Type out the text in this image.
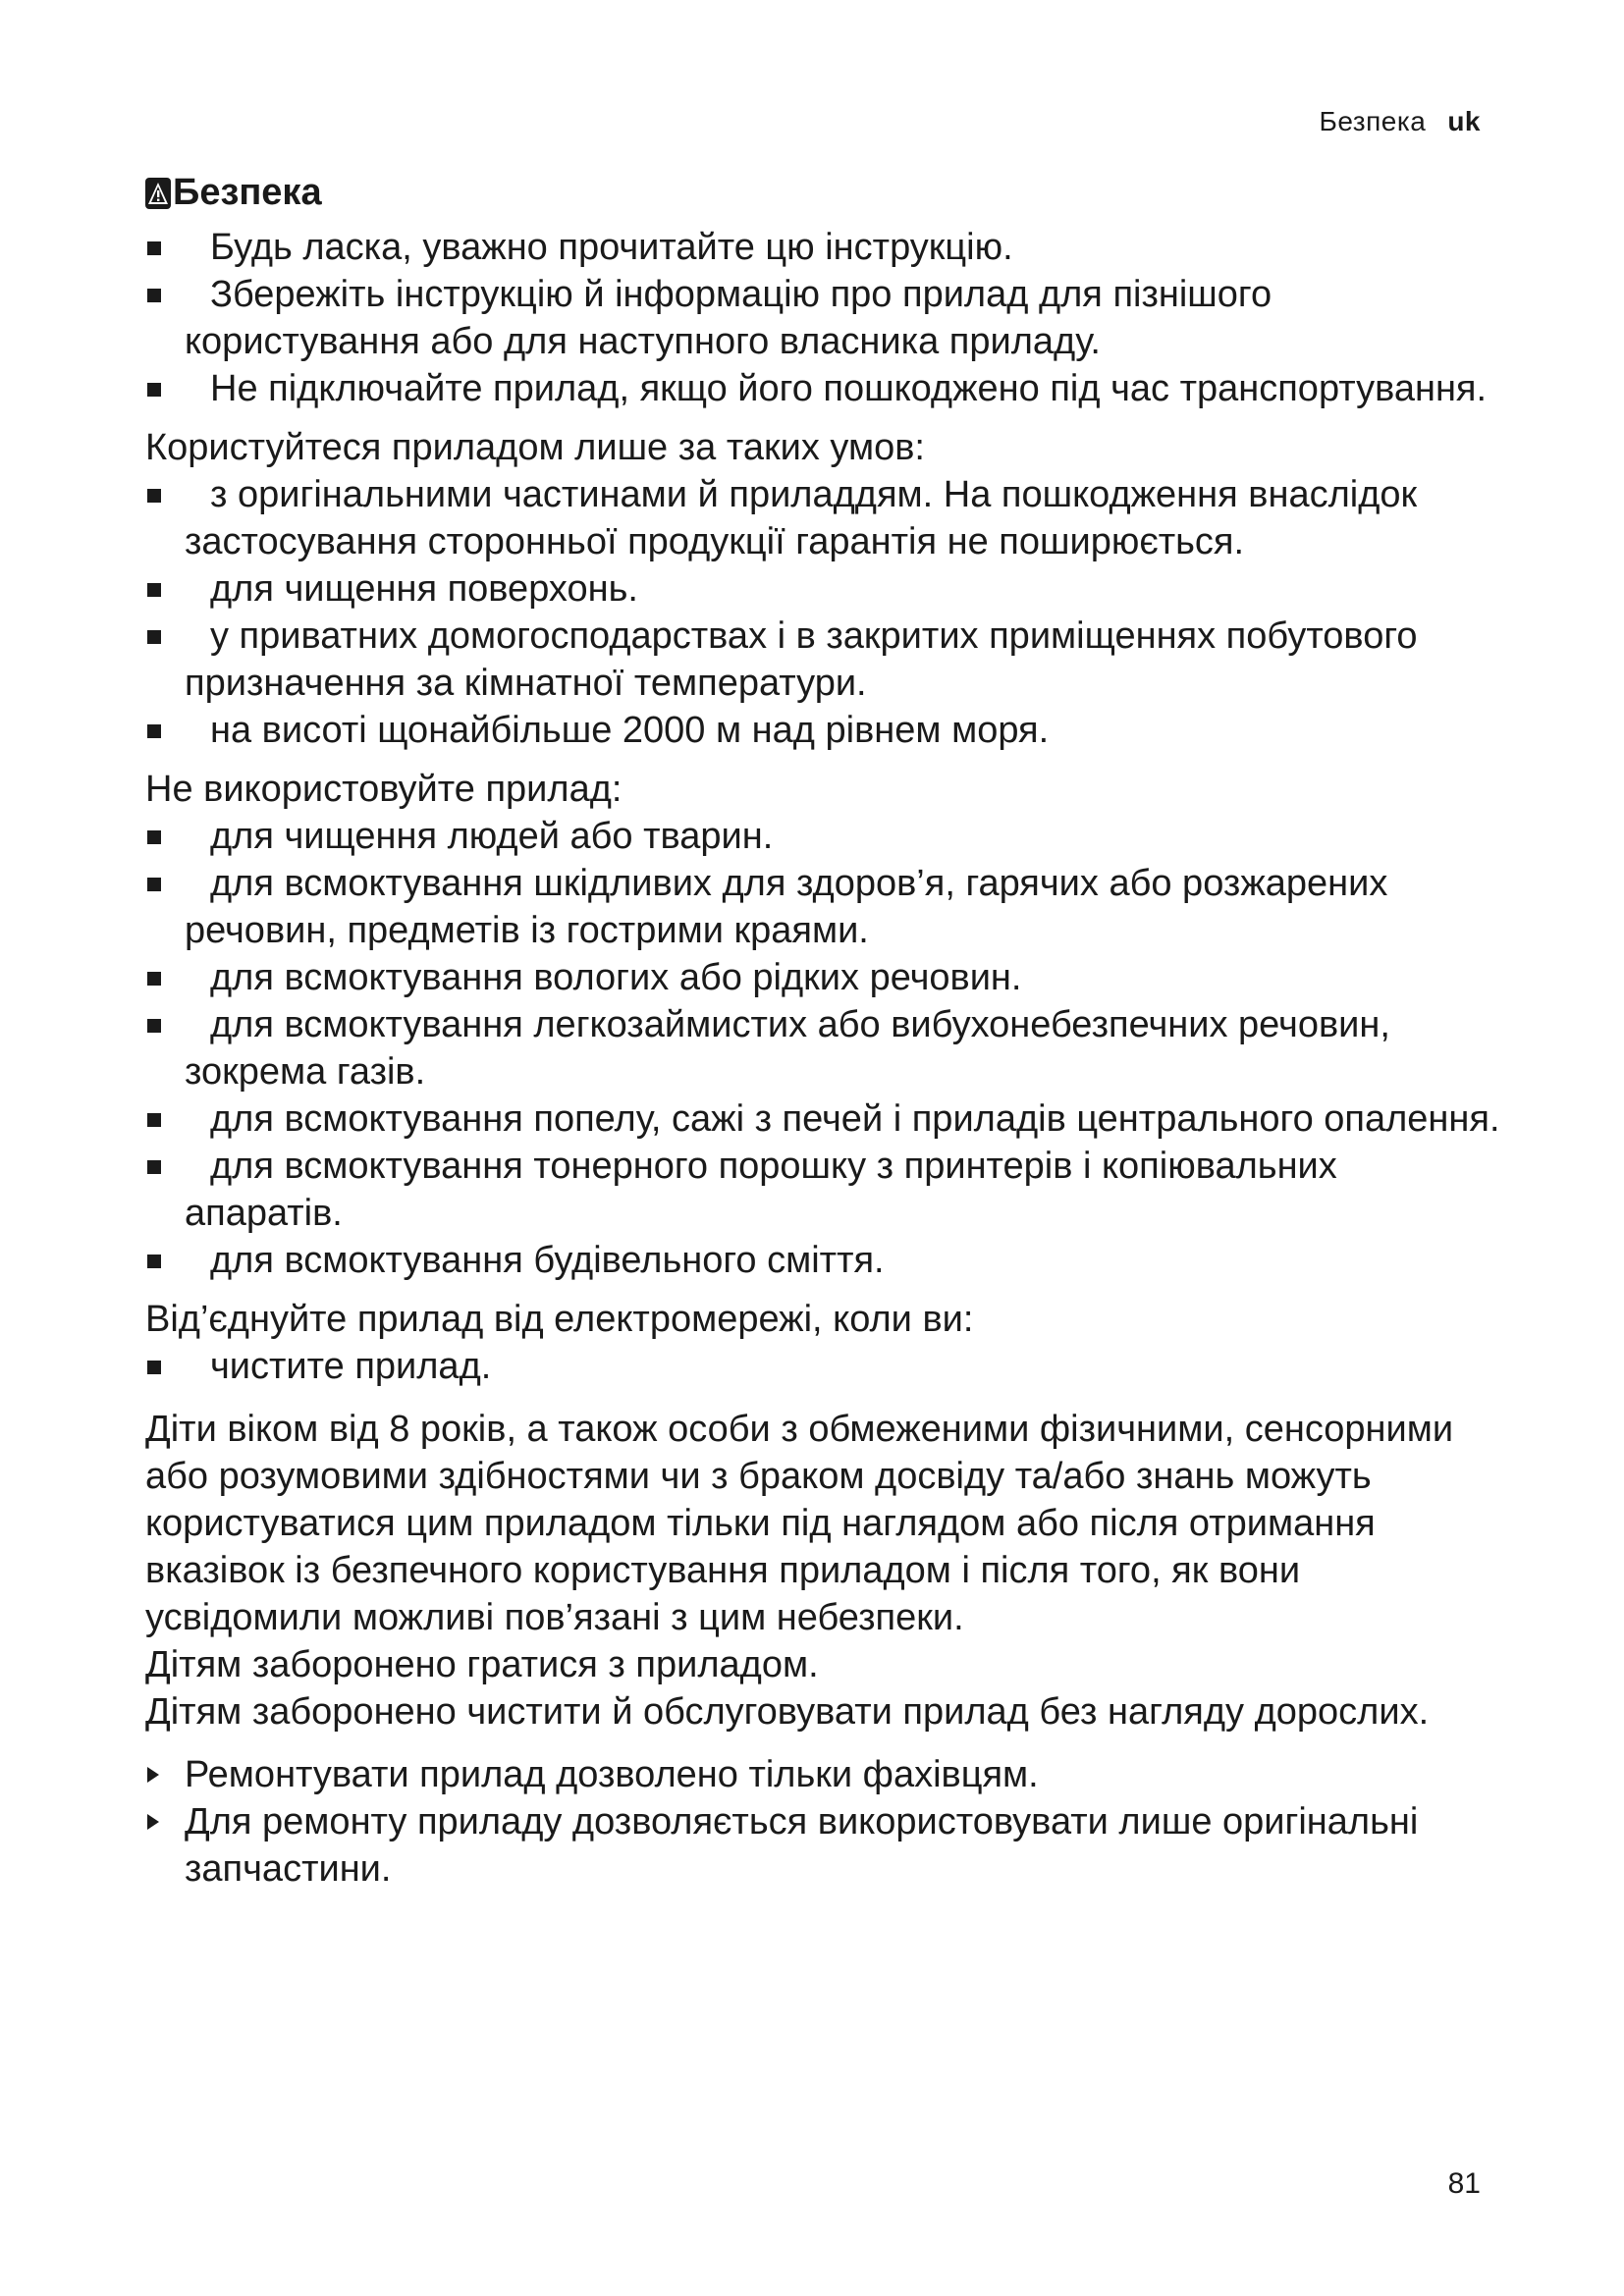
Безпека uk
Безпека
Будь ласка, уважно прочитайте цю інструкцію.
Збережіть інструкцію й інформацію про прилад для пізнішого користування або для наступного власника приладу.
Не підключайте прилад, якщо його пошкоджено під час транспортування.

Користуйтеся приладом лише за таких умов:

з оригінальними частинами й приладдям. На пошкодження внаслідок застосування сторонньої продукції гарантія не поширюється.
для чищення поверхонь.
у приватних домогосподарствах і в закритих приміщеннях побутового призначення за кімнатної температури.
на висоті щонайбільше 2000 м над рівнем моря.

Не використовуйте прилад:

для чищення людей або тварин.
для всмоктування шкідливих для здоров’я, гарячих або розжарених речовин, предметів із гострими краями.
для всмоктування вологих або рідких речовин.
для всмоктування легкозаймистих або вибухонебезпечних речовин, зокрема газів.
для всмоктування попелу, сажі з печей і приладів центрального опалення.
для всмоктування тонерного порошку з принтерів і копіювальних апаратів.
для всмоктування будівельного сміття.

Від’єднуйте прилад від електромережі, коли ви:

чистите прилад.

Діти віком від 8 років, а також особи з обмеженими фізичними, сенсорними або розумовими здібностями чи з браком досвіду та/або знань можуть користуватися цим приладом тільки під наглядом або після отримання вказівок із безпечного користування приладом і після того, як вони усвідомили можливі пов’язані з цим небезпеки.

Дітям заборонено гратися з приладом.

Дітям заборонено чистити й обслуговувати прилад без нагляду дорослих.

Ремонтувати прилад дозволено тільки фахівцям.
Для ремонту приладу дозволяється використовувати лише оригінальні запчастини.
81
